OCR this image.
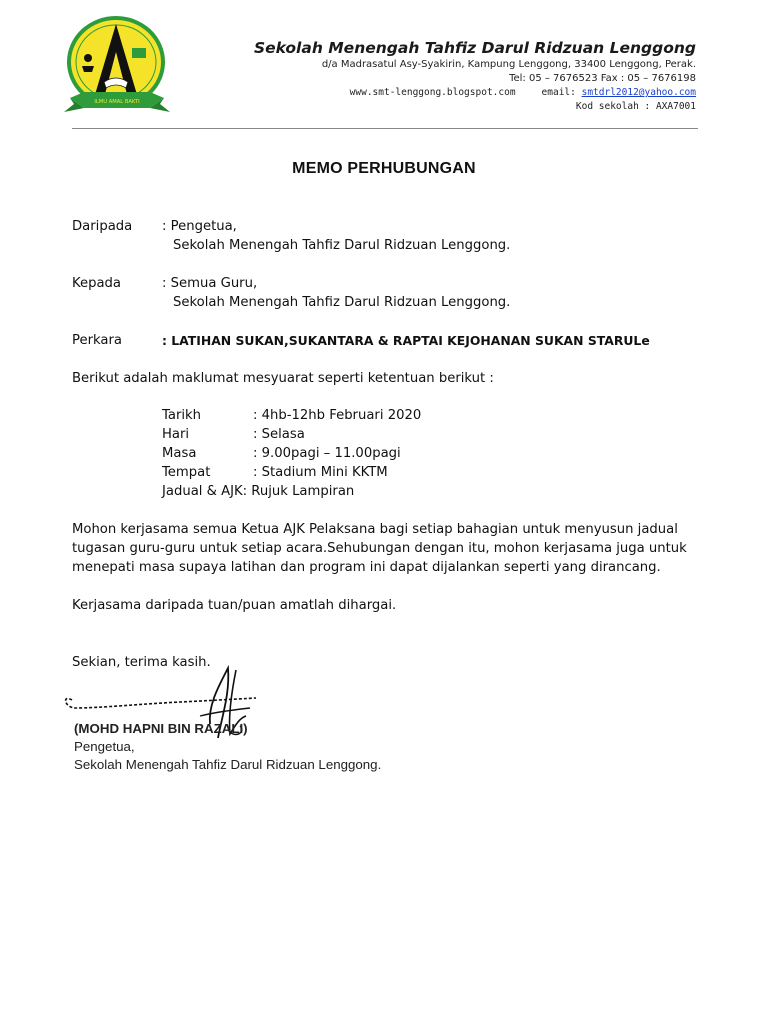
ILMU AMAL BAKTI
Sekolah Menengah Tahfiz Darul Ridzuan Lenggong
d/a Madrasatul Asy-Syakirin, Kampung Lenggong, 33400 Lenggong, Perak.
Tel: 05 – 7676523 Fax : 05 – 7676198
www.smt-lenggong.blogspot.com	email: smtdrl2012@yahoo.com
Kod sekolah : AXA7001
MEMO PERHUBUNGAN
Daripada	: Pengetua,
Sekolah Menengah Tahfiz Darul Ridzuan Lenggong.
Kepada	: Semua Guru,
Sekolah Menengah Tahfiz Darul Ridzuan Lenggong.
Perkara	: LATIHAN SUKAN,SUKANTARA & RAPTAI KEJOHANAN SUKAN STARULe
Berikut adalah maklumat mesyuarat seperti ketentuan berikut :
Tarikh	: 4hb-12hb Februari 2020
Hari	: Selasa
Masa	: 9.00pagi – 11.00pagi
Tempat	: Stadium Mini KKTM
Jadual & AJK: Rujuk Lampiran
Mohon kerjasama semua Ketua AJK Pelaksana bagi setiap bahagian untuk menyusun jadual tugasan guru-guru untuk setiap acara.Sehubungan dengan itu, mohon kerjasama juga untuk menepati masa supaya latihan dan program ini dapat dijalankan seperti yang dirancang.
Kerjasama daripada tuan/puan amatlah dihargai.
Sekian, terima kasih.
(MOHD HAPNI BIN RAZALI)
Pengetua,
Sekolah Menengah Tahfiz Darul Ridzuan Lenggong.
